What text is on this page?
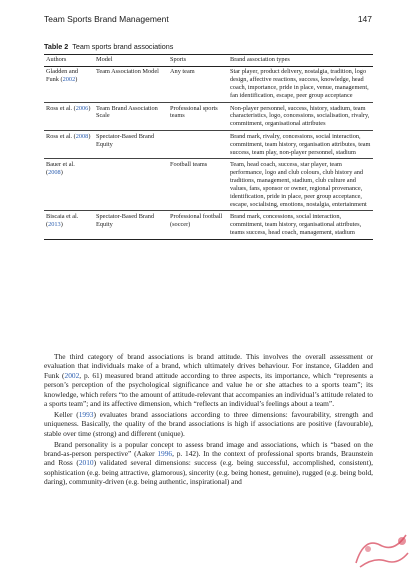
Team Sports Brand Management	147
Table 2 Team sports brand associations
Authors	Model	Sports	Brand association types
Gladden and Funk (2002)	Team Association Model	Any team	Star player, product delivery, nostalgia, tradition, logo design, affective reactions, success, knowledge, head coach, importance, pride in place, venue, management, fan identification, escape, peer group acceptance
Ross et al. (2006)	Team Brand Association Scale	Professional sports teams	Non-player personnel, success, history, stadium, team characteristics, logo, concessions, socialisation, rivalry, commitment, organisational attributes
Ross et al. (2008)	Spectator-Based Brand Equity		Brand mark, rivalry, concessions, social interaction, commitment, team history, organisation attributes, team success, team play, non-player personnel, stadium
Bauer et al. (2008)		Football teams	Team, head coach, success, star player, team performance, logo and club colours, club history and traditions, management, stadium, club culture and values, fans, sponsor or owner, regional provenance, identification, pride in place, peer group acceptance, escape, socialising, emotions, nostalgia, entertainment
Biscaia et al. (2013)	Spectator-Based Brand Equity	Professional football (soccer)	Brand mark, concessions, social interaction, commitment, team history, organisational attributes, teams success, head coach, management, stadium

The third category of brand associations is brand attitude. This involves the overall assessment or evaluation that individuals make of a brand, which ultimately drives behaviour. For instance, Gladden and Funk (2002, p. 61) measured brand attitude according to three aspects, its importance, which “represents a person’s perception of the psychological significance and value he or she attaches to a sports team”; its knowledge, which refers “to the amount of attitude-relevant that accompanies an individual’s attitude related to a sports team”; and its affective dimension, which “reflects an individual’s feelings about a team”.

Keller (1993) evaluates brand associations according to three dimensions: favourability, strength and uniqueness. Basically, the quality of the brand associations is high if associations are positive (favourable), stable over time (strong) and different (unique).

Brand personality is a popular concept to assess brand image and associations, which is “based on the brand-as-person perspective” (Aaker 1996, p. 142). In the context of professional sports brands, Braunstein and Ross (2010) validated several dimensions: success (e.g. being successful, accomplished, consistent), sophistication (e.g. being attractive, glamorous), sincerity (e.g. being honest, genuine), rugged (e.g. being bold, daring), community-driven (e.g. being authentic, inspirational) and
